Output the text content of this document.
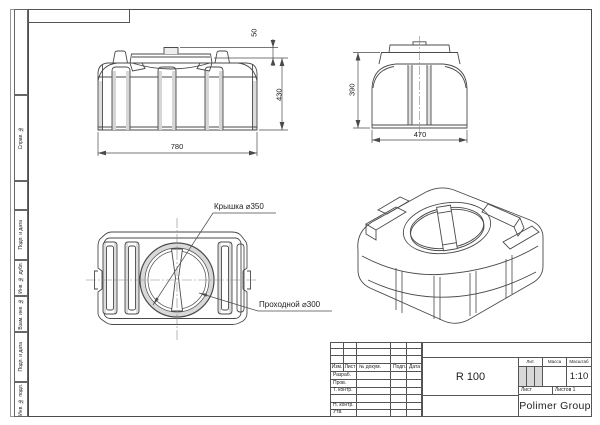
Справ. №
Подп. и дата
Инв. № дубл.
Взам. инв. №
Подп. и дата
Инв. № подл.
50
430
780
390
470
Крышка ⌀350
Проходной ⌀300
Изм. Лист № докум.	Подп. Дата
Разраб.
Пров.
Т. контр.
Н. контр.
Утв.
R 100
Лит.	Масса	Масштаб
1:10
Лист	Листов 1
Polimer Group
